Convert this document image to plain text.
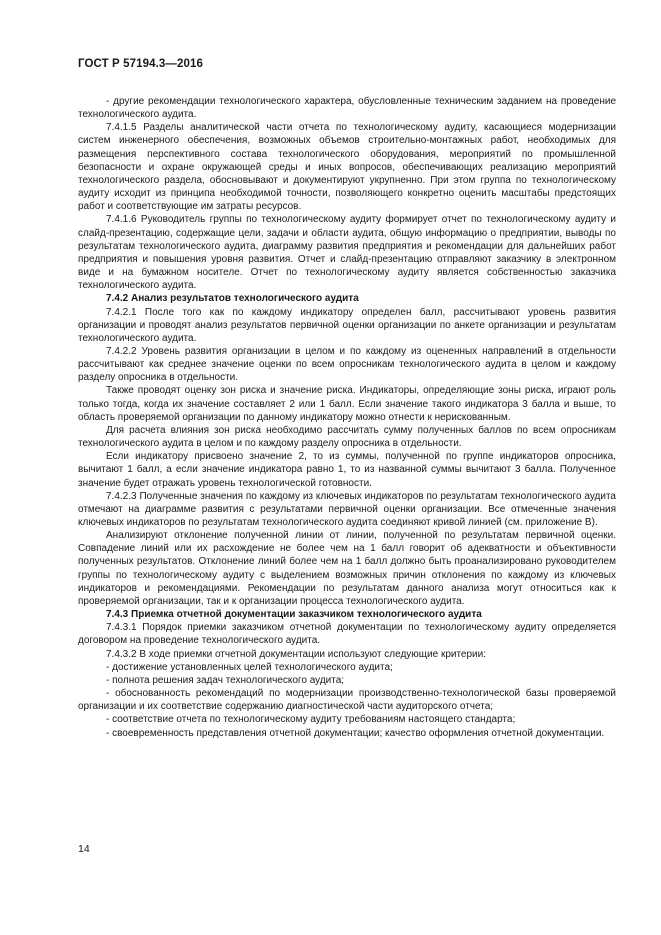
ГОСТ Р 57194.3—2016

- другие рекомендации технологического характера, обусловленные техническим заданием на проведение технологического аудита.

7.4.1.5 Разделы аналитической части отчета по технологическому аудиту, касающиеся модернизации систем инженерного обеспечения, возможных объемов строительно-монтажных работ, необходимых для размещения перспективного состава технологического оборудования, мероприятий по промышленной безопасности и охране окружающей среды и иных вопросов, обеспечивающих реализацию мероприятий технологического раздела, обосновывают и документируют укрупненно. При этом группа по технологическому аудиту исходит из принципа необходимой точности, позволяющего конкретно оценить масштабы предстоящих работ и соответствующие им затраты ресурсов.

7.4.1.6 Руководитель группы по технологическому аудиту формирует отчет по технологическому аудиту и слайд-презентацию, содержащие цели, задачи и области аудита, общую информацию о предприятии, выводы по результатам технологического аудита, диаграмму развития предприятия и рекомендации для дальнейших работ предприятия и повышения уровня развития. Отчет и слайд-презентацию отправляют заказчику в электронном виде и на бумажном носителе. Отчет по технологическому аудиту является собственностью заказчика технологического аудита.

7.4.2 Анализ результатов технологического аудита

7.4.2.1 После того как по каждому индикатору определен балл, рассчитывают уровень развития организации и проводят анализ результатов первичной оценки организации по анкете организации и результатам технологического аудита.

7.4.2.2 Уровень развития организации в целом и по каждому из оцененных направлений в отдельности рассчитывают как среднее значение оценки по всем опросникам технологического аудита в целом и каждому разделу опросника в отдельности.

Также проводят оценку зон риска и значение риска. Индикаторы, определяющие зоны риска, играют роль только тогда, когда их значение составляет 2 или 1 балл. Если значение такого индикатора 3 балла и выше, то область проверяемой организации по данному индикатору можно отнести к нерискованным.

Для расчета влияния зон риска необходимо рассчитать сумму полученных баллов по всем опросникам технологического аудита в целом и по каждому разделу опросника в отдельности.

Если индикатору присвоено значение 2, то из суммы, полученной по группе индикаторов опросника, вычитают 1 балл, а если значение индикатора равно 1, то из названной суммы вычитают 3 балла. Полученное значение будет отражать уровень технологической готовности.

7.4.2.3 Полученные значения по каждому из ключевых индикаторов по результатам технологического аудита отмечают на диаграмме развития с результатами первичной оценки организации. Все отмеченные значения ключевых индикаторов по результатам технологического аудита соединяют кривой линией (см. приложение В).

Анализируют отклонение полученной линии от линии, полученной по результатам первичной оценки. Совпадение линий или их расхождение не более чем на 1 балл говорит об адекватности и объективности полученных результатов. Отклонение линий более чем на 1 балл должно быть проанализировано руководителем группы по технологическому аудиту с выделением возможных причин отклонения по каждому из ключевых индикаторов и рекомендациями. Рекомендации по результатам данного анализа могут относиться как к проверяемой организации, так и к организации процесса технологического аудита.

7.4.3 Приемка отчетной документации заказчиком технологического аудита

7.4.3.1 Порядок приемки заказчиком отчетной документации по технологическому аудиту определяется договором на проведение технологического аудита.

7.4.3.2 В ходе приемки отчетной документации используют следующие критерии:

- достижение установленных целей технологического аудита;

- полнота решения задач технологического аудита;

- обоснованность рекомендаций по модернизации производственно-технологической базы проверяемой организации и их соответствие содержанию диагностической части аудиторского отчета;

- соответствие отчета по технологическому аудиту требованиям настоящего стандарта;

- своевременность представления отчетной документации; качество оформления отчетной документации.

14
